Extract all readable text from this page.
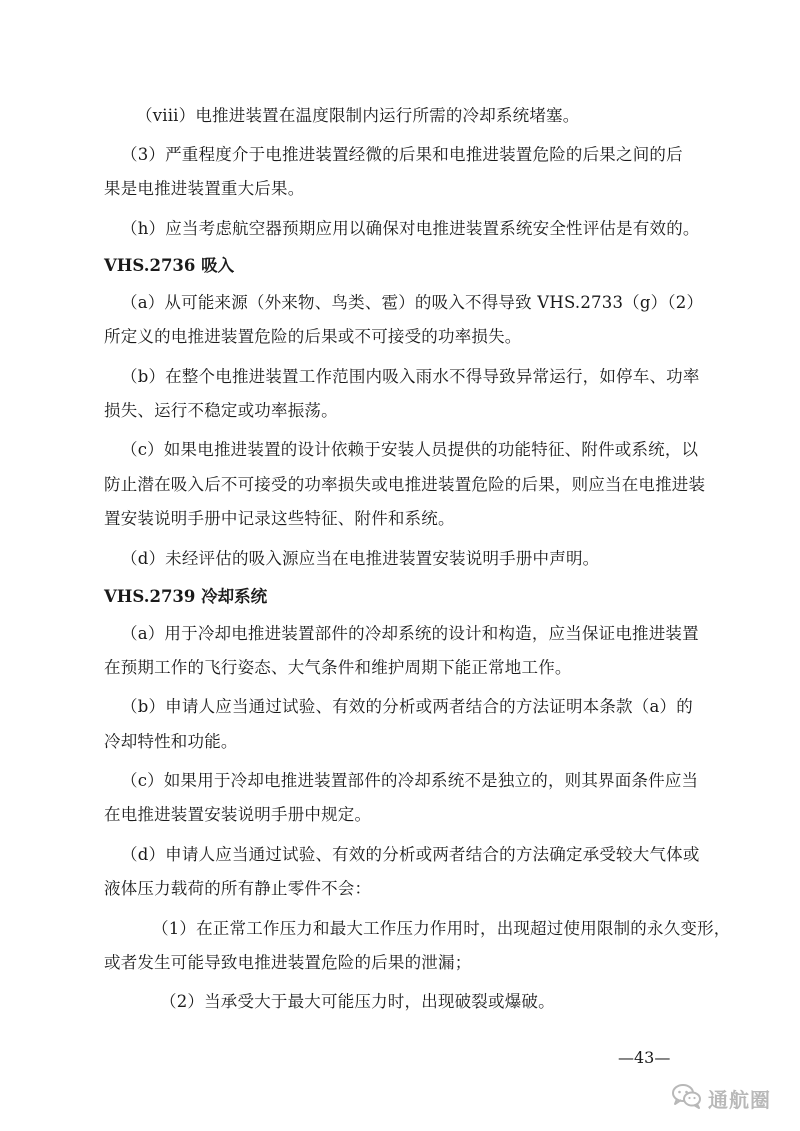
（viii）电推进装置在温度限制内运行所需的冷却系统堵塞。
（3）严重程度介于电推进装置经微的后果和电推进装置危险的后果之间的后
果是电推进装置重大后果。
（h）应当考虑航空器预期应用以确保对电推进装置系统安全性评估是有效的。
VHS.2736 吸入
（a）从可能来源（外来物、鸟类、雹）的吸入不得导致 VHS.2733（g）（2）
所定义的电推进装置危险的后果或不可接受的功率损失。
（b）在整个电推进装置工作范围内吸入雨水不得导致异常运行，如停车、功率
损失、运行不稳定或功率振荡。
（c）如果电推进装置的设计依赖于安装人员提供的功能特征、附件或系统，以
防止潜在吸入后不可接受的功率损失或电推进装置危险的后果，则应当在电推进装
置安装说明手册中记录这些特征、附件和系统。
（d）未经评估的吸入源应当在电推进装置安装说明手册中声明。
VHS.2739 冷却系统
（a）用于冷却电推进装置部件的冷却系统的设计和构造，应当保证电推进装置
在预期工作的飞行姿态、大气条件和维护周期下能正常地工作。
（b）申请人应当通过试验、有效的分析或两者结合的方法证明本条款（a）的
冷却特性和功能。
（c）如果用于冷却电推进装置部件的冷却系统不是独立的，则其界面条件应当
在电推进装置安装说明手册中规定。
（d）申请人应当通过试验、有效的分析或两者结合的方法确定承受较大气体或
液体压力载荷的所有静止零件不会：
（1）在正常工作压力和最大工作压力作用时，出现超过使用限制的永久变形，
或者发生可能导致电推进装置危险的后果的泄漏；
（2）当承受大于最大可能压力时，出现破裂或爆破。
—43—
通航圈
